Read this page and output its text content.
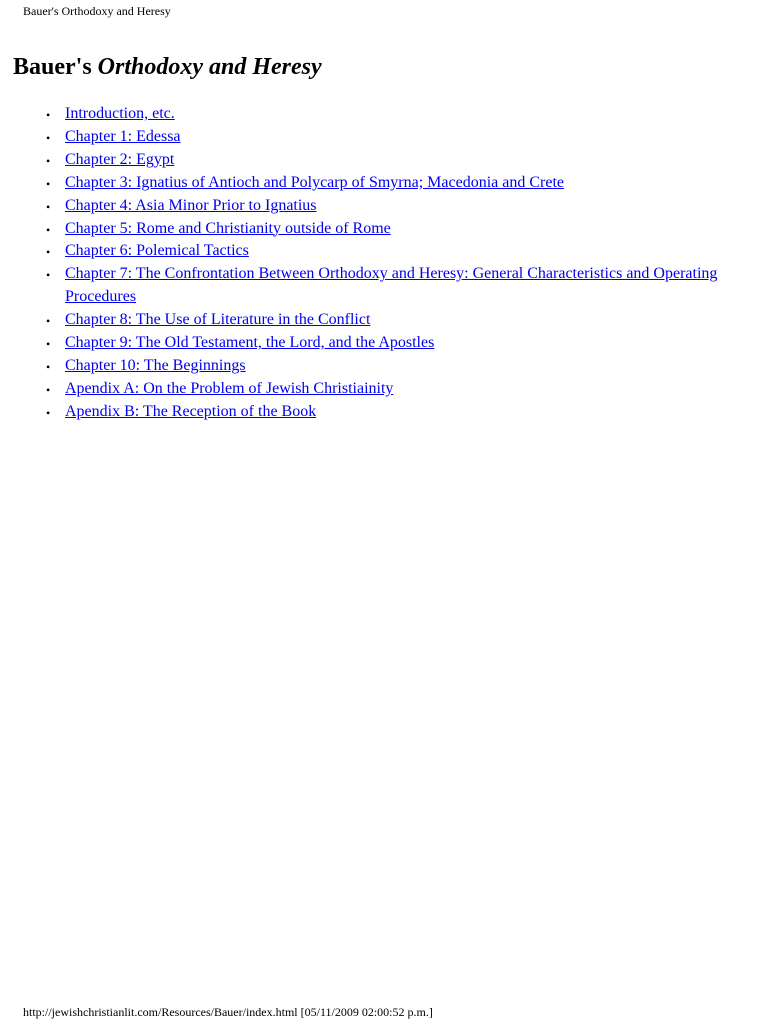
Bauer's Orthodoxy and Heresy
Bauer's Orthodoxy and Heresy
• Introduction, etc.
• Chapter 1: Edessa
• Chapter 2: Egypt
• Chapter 3: Ignatius of Antioch and Polycarp of Smyrna; Macedonia and Crete
• Chapter 4: Asia Minor Prior to Ignatius
• Chapter 5: Rome and Christianity outside of Rome
• Chapter 6: Polemical Tactics
• Chapter 7: The Confrontation Between Orthodoxy and Heresy: General Characteristics and Operating Procedures
• Chapter 8: The Use of Literature in the Conflict
• Chapter 9: The Old Testament, the Lord, and the Apostles
• Chapter 10: The Beginnings
• Apendix A: On the Problem of Jewish Christiainity
• Apendix B: The Reception of the Book
http://jewishchristianlit.com/Resources/Bauer/index.html [05/11/2009 02:00:52 p.m.]
